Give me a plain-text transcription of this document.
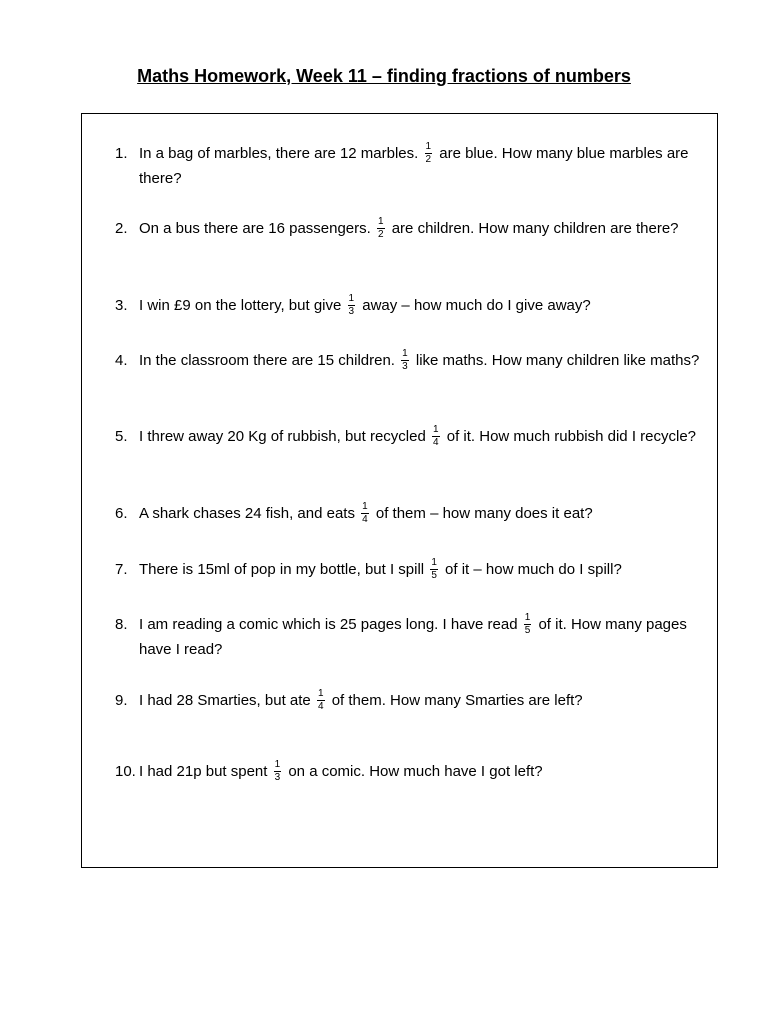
Maths Homework, Week 11 – finding fractions of numbers
1. In a bag of marbles, there are 12 marbles. $\frac{1}{2}$ are blue. How many blue marbles are there?
2. On a bus there are 16 passengers. $\frac{1}{2}$ are children. How many children are there?
3. I win £9 on the lottery, but give $\frac{1}{3}$ away – how much do I give away?
4. In the classroom there are 15 children. $\frac{1}{3}$ like maths. How many children like maths?
5. I threw away 20 Kg of rubbish, but recycled $\frac{1}{4}$ of it. How much rubbish did I recycle?
6. A shark chases 24 fish, and eats $\frac{1}{4}$ of them – how many does it eat?
7. There is 15ml of pop in my bottle, but I spill $\frac{1}{5}$ of it – how much do I spill?
8. I am reading a comic which is 25 pages long. I have read $\frac{1}{5}$ of it. How many pages have I read?
9. I had 28 Smarties, but ate $\frac{1}{4}$ of them. How many Smarties are left?
10. I had 21p but spent $\frac{1}{3}$ on a comic. How much have I got left?
